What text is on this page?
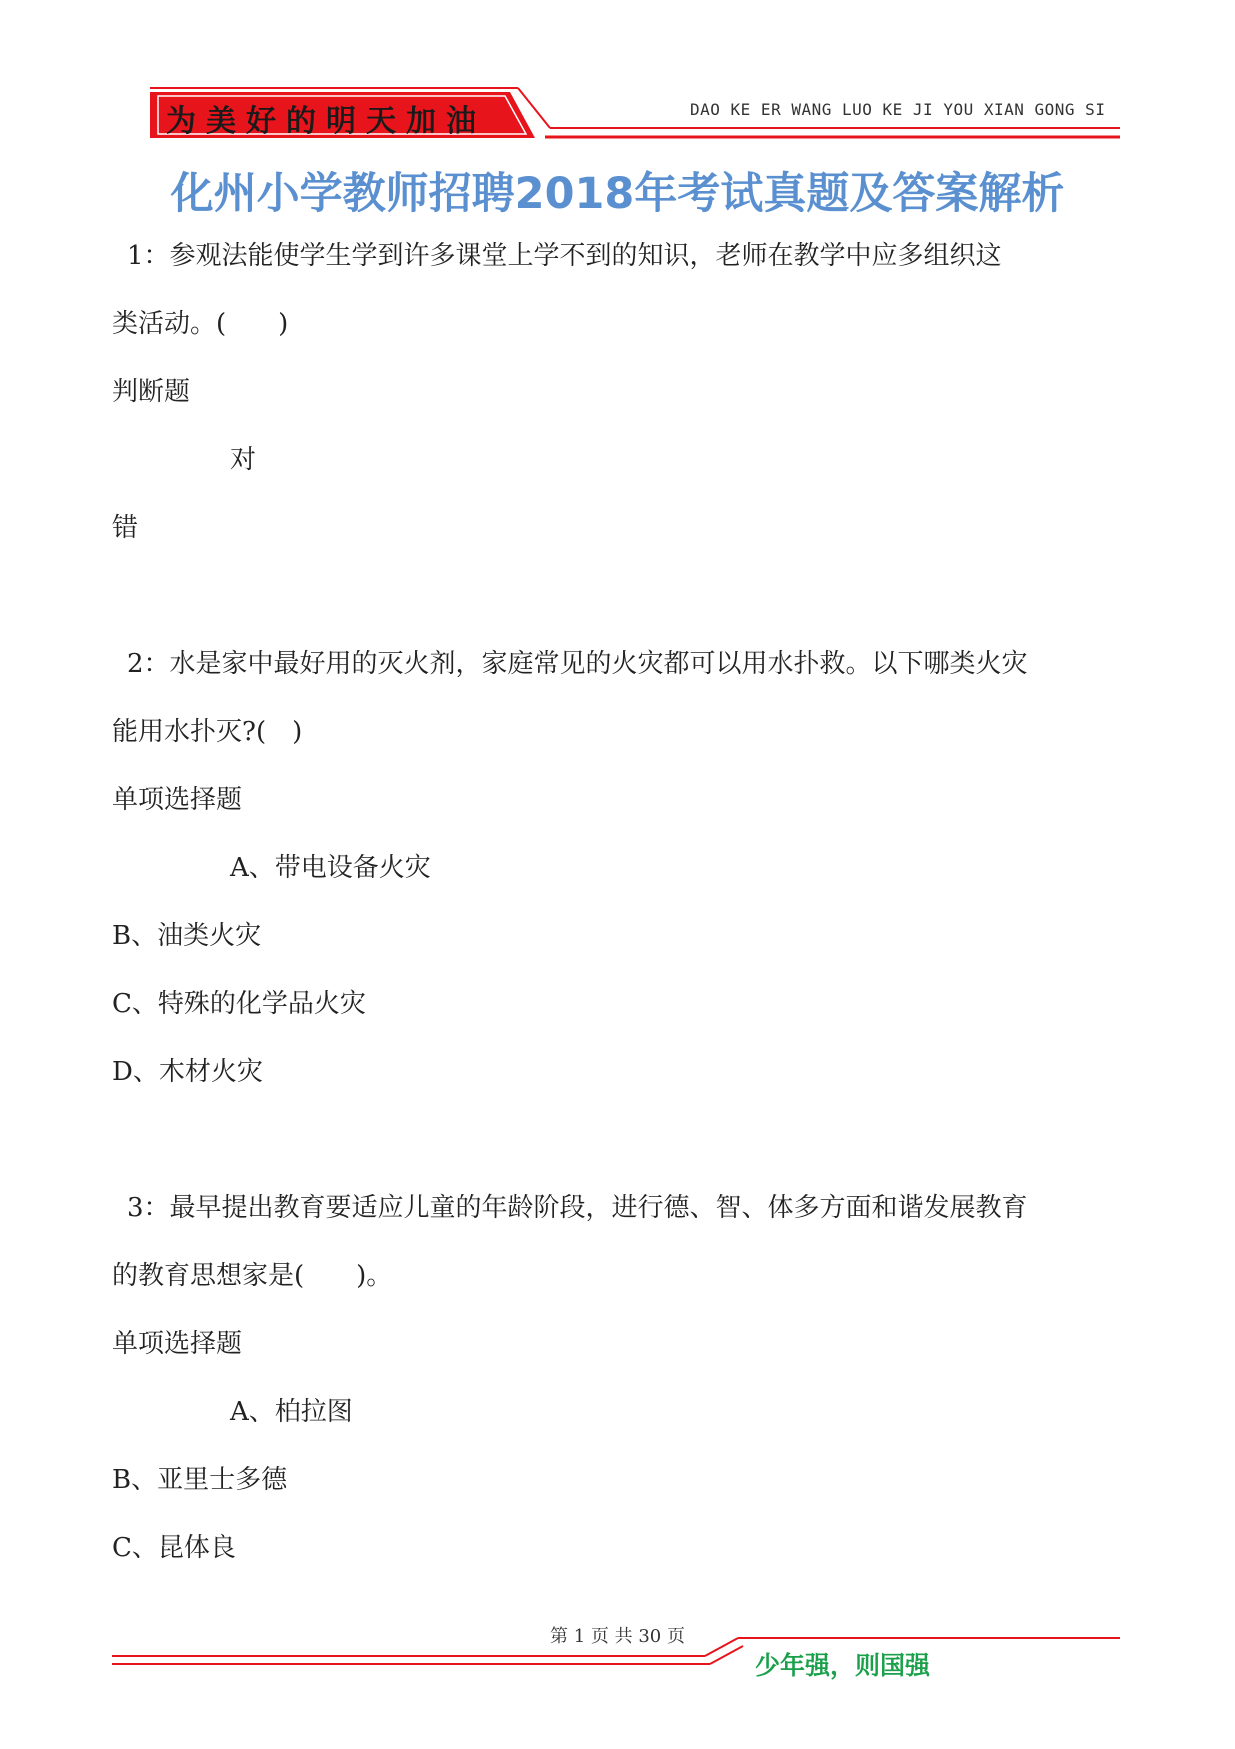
为美好的明天加油	DAO KE ER WANG LUO KE JI YOU XIAN GONG SI
化州小学教师招聘2018年考试真题及答案解析
1：参观法能使学生学到许多课堂上学不到的知识，老师在教学中应多组织这
类活动。(　　)
判断题
对
错
2：水是家中最好用的灭火剂，家庭常见的火灾都可以用水扑救。以下哪类火灾
能用水扑灭?(　)
单项选择题
A、带电设备火灾
B、油类火灾
C、特殊的化学品火灾
D、木材火灾
3：最早提出教育要适应儿童的年龄阶段，进行德、智、体多方面和谐发展教育
的教育思想家是(　　)。
单项选择题
A、柏拉图
B、亚里士多德
C、昆体良
第 1 页 共 30 页
少年强，则国强
